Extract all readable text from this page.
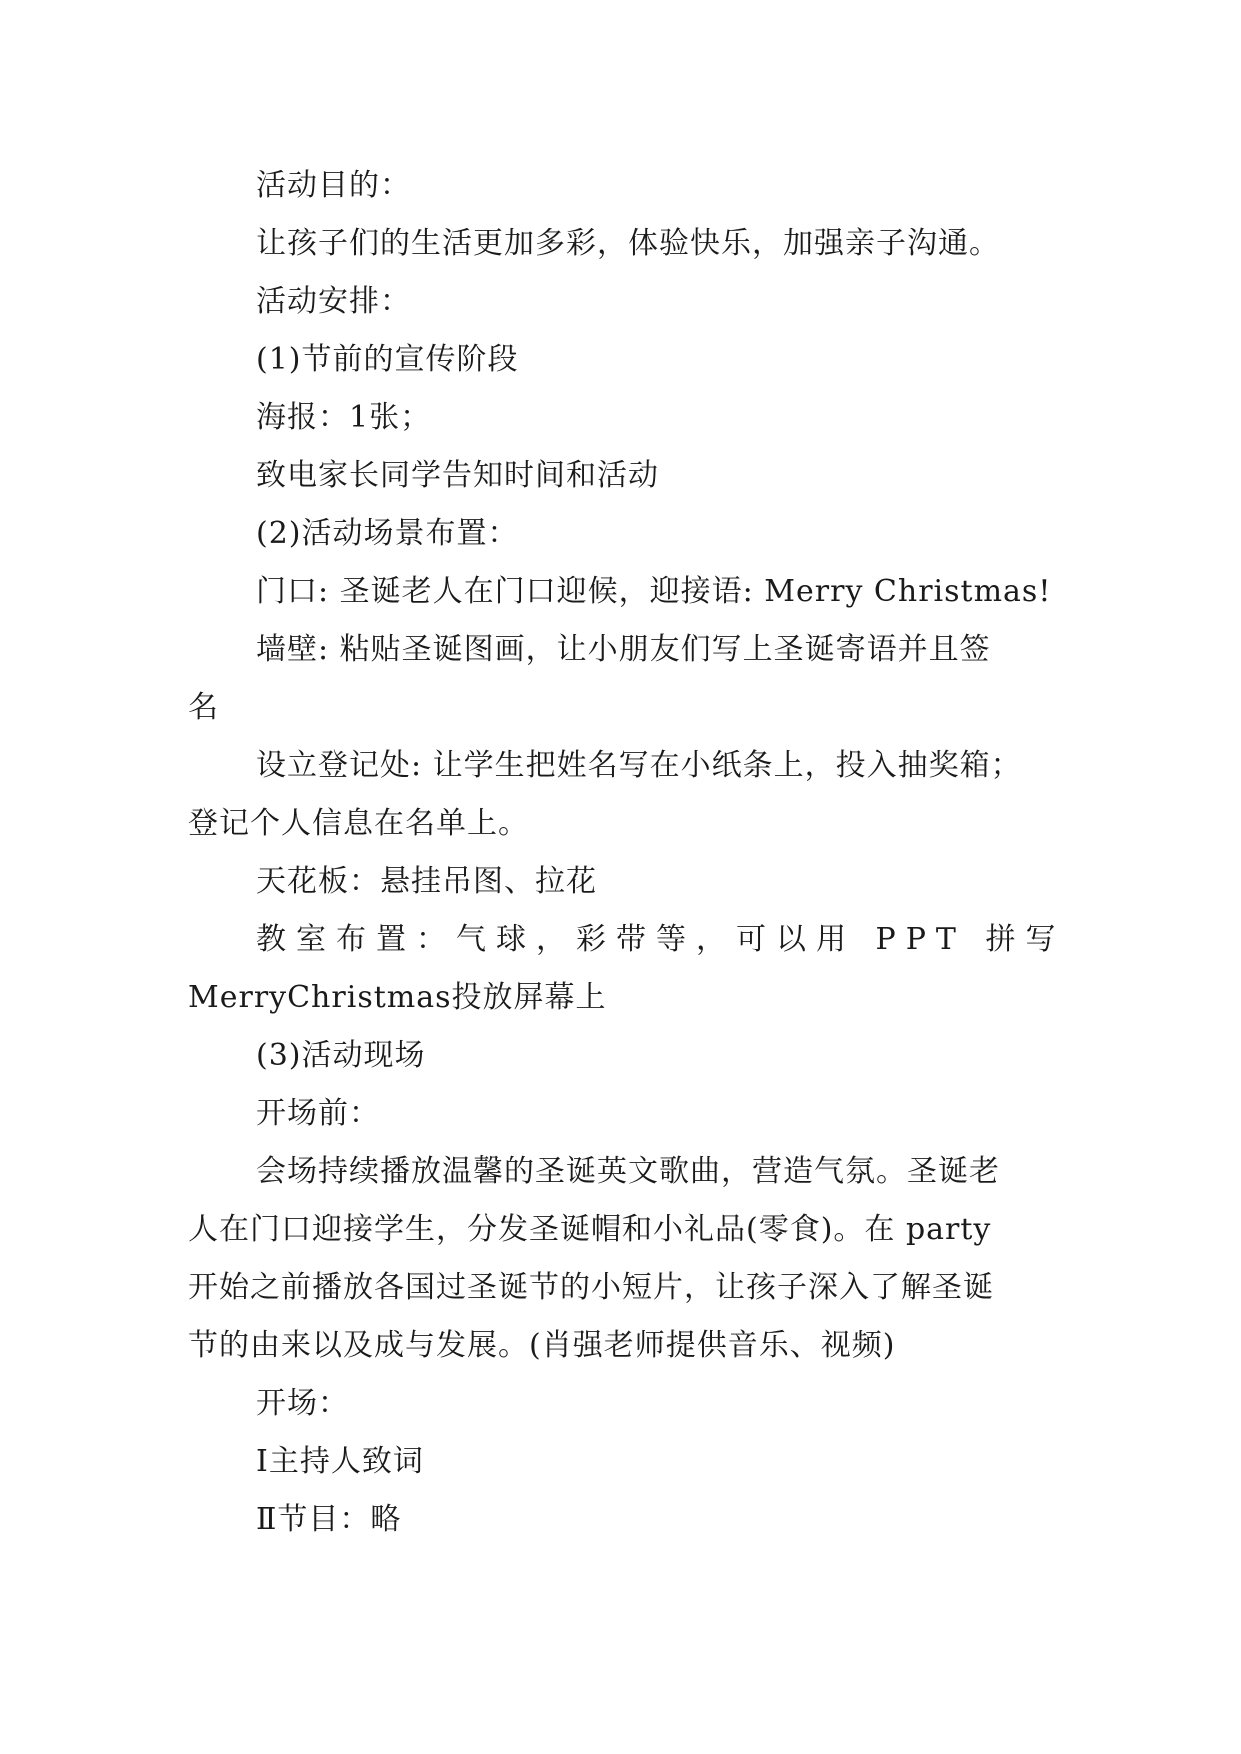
活动目的：
让孩子们的生活更加多彩，体验快乐，加强亲子沟通。
活动安排：
(1)节前的宣传阶段
海报：1张；
致电家长同学告知时间和活动
(2)活动场景布置：
门口: 圣诞老人在门口迎候，迎接语: Merry Christmas!
墙壁: 粘贴圣诞图画，让小朋友们写上圣诞寄语并且签
名
设立登记处: 让学生把姓名写在小纸条上，投入抽奖箱；
登记个人信息在名单上。
天花板：悬挂吊图、拉花
教室布置：气球，彩带等，可以用 PPT 拼写
MerryChristmas投放屏幕上
(3)活动现场
开场前：
会场持续播放温馨的圣诞英文歌曲，营造气氛。圣诞老
人在门口迎接学生，分发圣诞帽和小礼品(零食)。在 party
开始之前播放各国过圣诞节的小短片，让孩子深入了解圣诞
节的由来以及成与发展。(肖强老师提供音乐、视频)
开场：
Ⅰ主持人致词
Ⅱ节目：略
